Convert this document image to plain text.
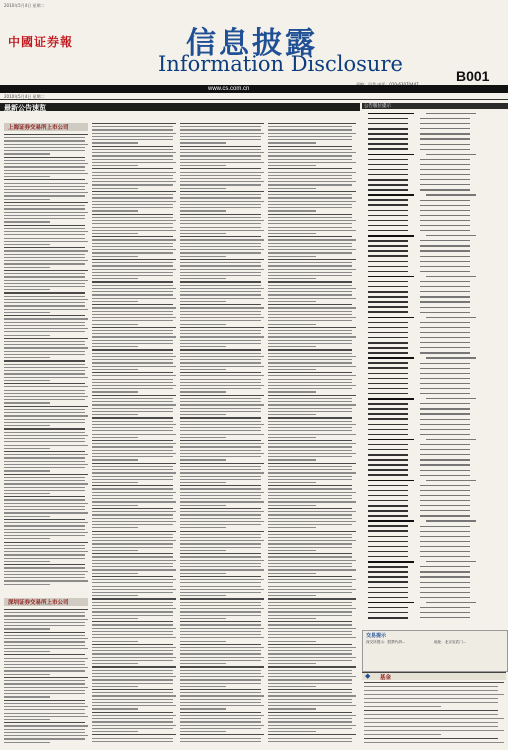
2010年5月4日 星期二
中國证券報	信息披露
Information Disclosure	B001
www.cs.com.cn
2010年5月4日 星期二
最新公告速览
上海证券交易所上市公司
深圳证券交易所上市公司
公告版位提示
交易提示
深交所提示：股票代码…	地址：北京宣武门…
◆ 基金
